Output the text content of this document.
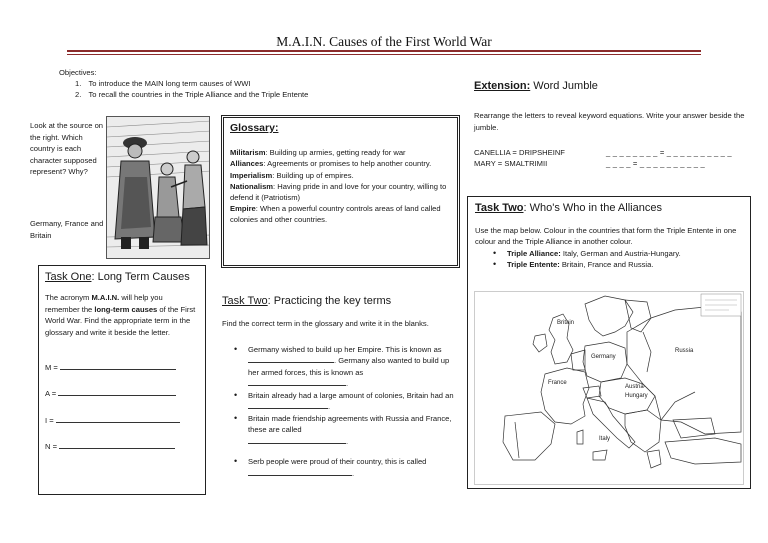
M.A.I.N. Causes of the First World War
Objectives:
1. To introduce the MAIN long term causes of WWI
2. To recall the countries in the Triple Alliance and the Triple Entente
Look at the source on the right. Which country is each character supposed represent? Why?
Germany, France and Britain
Glossary:
Militarism: Building up armies, getting ready for war
Alliances: Agreements or promises to help another country.
Imperialism: Building up of empires.
Nationalism: Having pride in and love for your country, willing to defend it (Patriotism)
Empire: When a powerful country controls areas of land called colonies and other countries.
Task One: Long Term Causes
The acronym M.A.I.N. will help you remember the long-term causes of the First World War. Find the appropriate term in the glossary and write it beside the letter.
M =
A =
I =
N =
Task Two: Practicing the key terms
Find the correct term in the glossary and write it in the blanks.
• Germany wished to build up her Empire. This is known as . Germany also wanted to build up her armed forces, this is known as .
• Britain already had a large amount of colonies, Britain had an .
• Britain made friendship agreements with Russia and France, these are called
.
• Serb people were proud of their country, this is called .
Extension: Word Jumble
Rearrange the letters to reveal keyword equations. Write your answer beside the jumble.
CANELLIA = DRIPSHEINF	_ _ _ _ _ _ _ _ = _ _ _ _ _ _ _ _ _ _
MARY = SMALTRIMII	_ _ _ _ = _ _ _ _ _ _ _ _ _ _
Task Two: Who's Who in the Alliances
Use the map below. Colour in the countries that form the Triple Entente in one colour and the Triple Alliance in another colour.
• Triple Alliance: Italy, German and Austria-Hungary.
• Triple Entente: Britain, France and Russia.
Britain
Germany
Russia
France
Austria-
Hungary
Italy
